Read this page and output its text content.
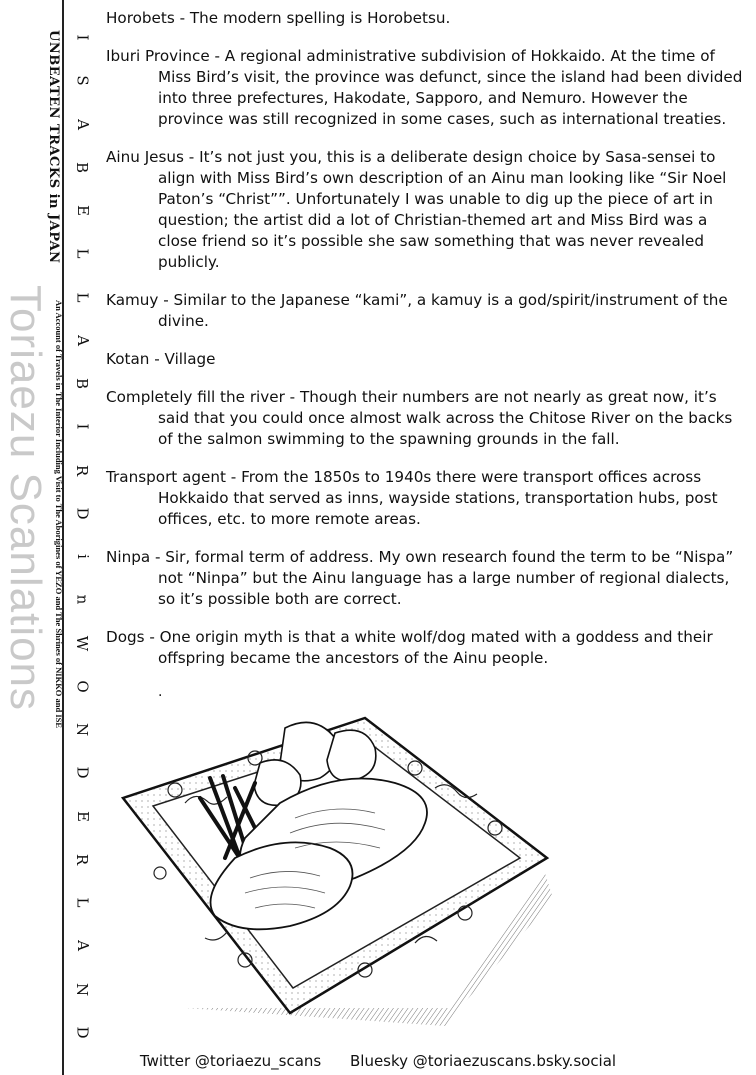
UNBEATEN TRACKS in JAPAN
An Account of Travels in The Interior Including Visit to The Aborigines of YEZO and The Shrines of NIKKO and ISE
Toriaezu Scanlations
I
S
A
B
E
L
L
A
B
I
R
D
i
n
W
O
N
D
E
R
L
A
N
D

Horobets - The modern spelling is Horobetsu.

Iburi Province - A regional administrative subdivision of Hokkaido. At the time of Miss Bird’s visit, the province was defunct, since the island had been divided into three prefectures, Hakodate, Sapporo, and Nemuro. However the province was still recognized in some cases, such as international treaties.

Ainu Jesus - It’s not just you, this is a deliberate design choice by Sasa-sensei to align with Miss Bird’s own description of an Ainu man looking like “Sir Noel Paton’s “Christ””. Unfortunately I was unable to dig up the piece of art in question; the artist did a lot of Christian-themed art and Miss Bird was a close friend so it’s possible she saw something that was never revealed publicly.

Kamuy - Similar to the Japanese “kami”, a kamuy is a god/spirit/instrument of the divine.

Kotan - Village

Completely fill the river - Though their numbers are not nearly as great now, it’s said that you could once almost walk across the Chitose River on the backs of the salmon swimming to the spawning grounds in the fall.

Transport agent - From the 1850s to 1940s there were transport offices across Hokkaido that served as inns, wayside stations, transportation hubs, post offices, etc. to more remote areas.

Ninpa - Sir, formal term of address. My own research found the term to be “Nispa” not “Ninpa” but the Ainu language has a large number of regional dialects, so it’s possible both are correct.

Dogs - One origin myth is that a white wolf/dog mated with a goddess and their offspring became the ancestors of the Ainu people.

.
Twitter @toriaezu_scans Bluesky @toriaezuscans.bsky.social
